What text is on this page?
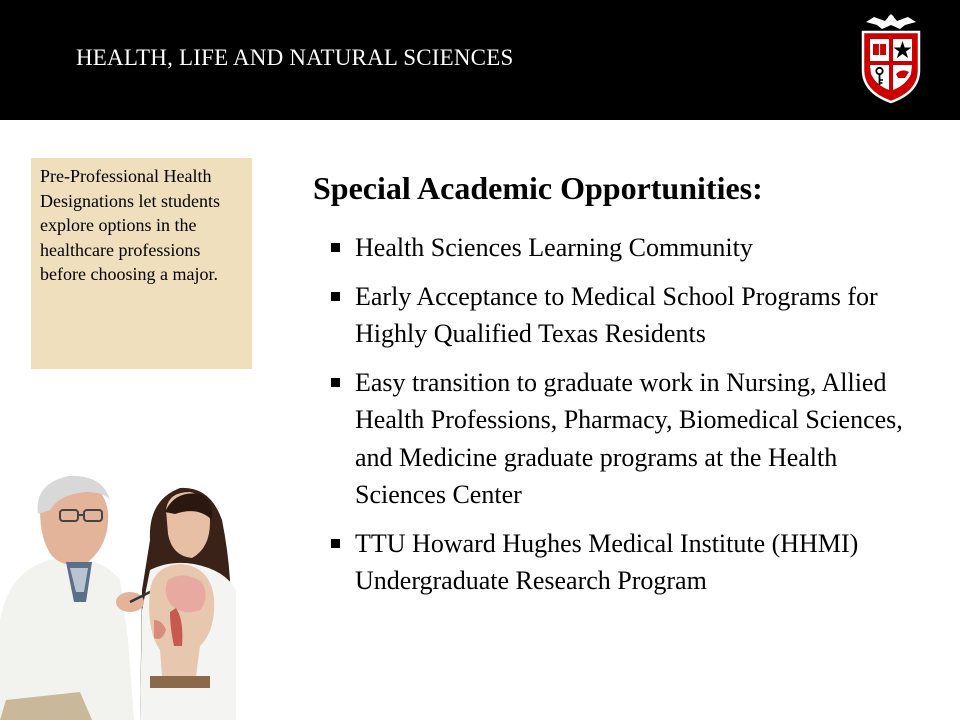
HEALTH, LIFE AND NATURAL SCIENCES
Pre-Professional Health Designations let students explore options in the healthcare professions before choosing a major.
Special Academic Opportunities:
Health Sciences Learning Community
Early Acceptance to Medical School Programs for Highly Qualified Texas Residents
Easy transition to graduate work in Nursing, Allied Health Professions, Pharmacy, Biomedical Sciences, and Medicine graduate programs at the Health Sciences Center
TTU Howard Hughes Medical Institute (HHMI) Undergraduate Research Program
